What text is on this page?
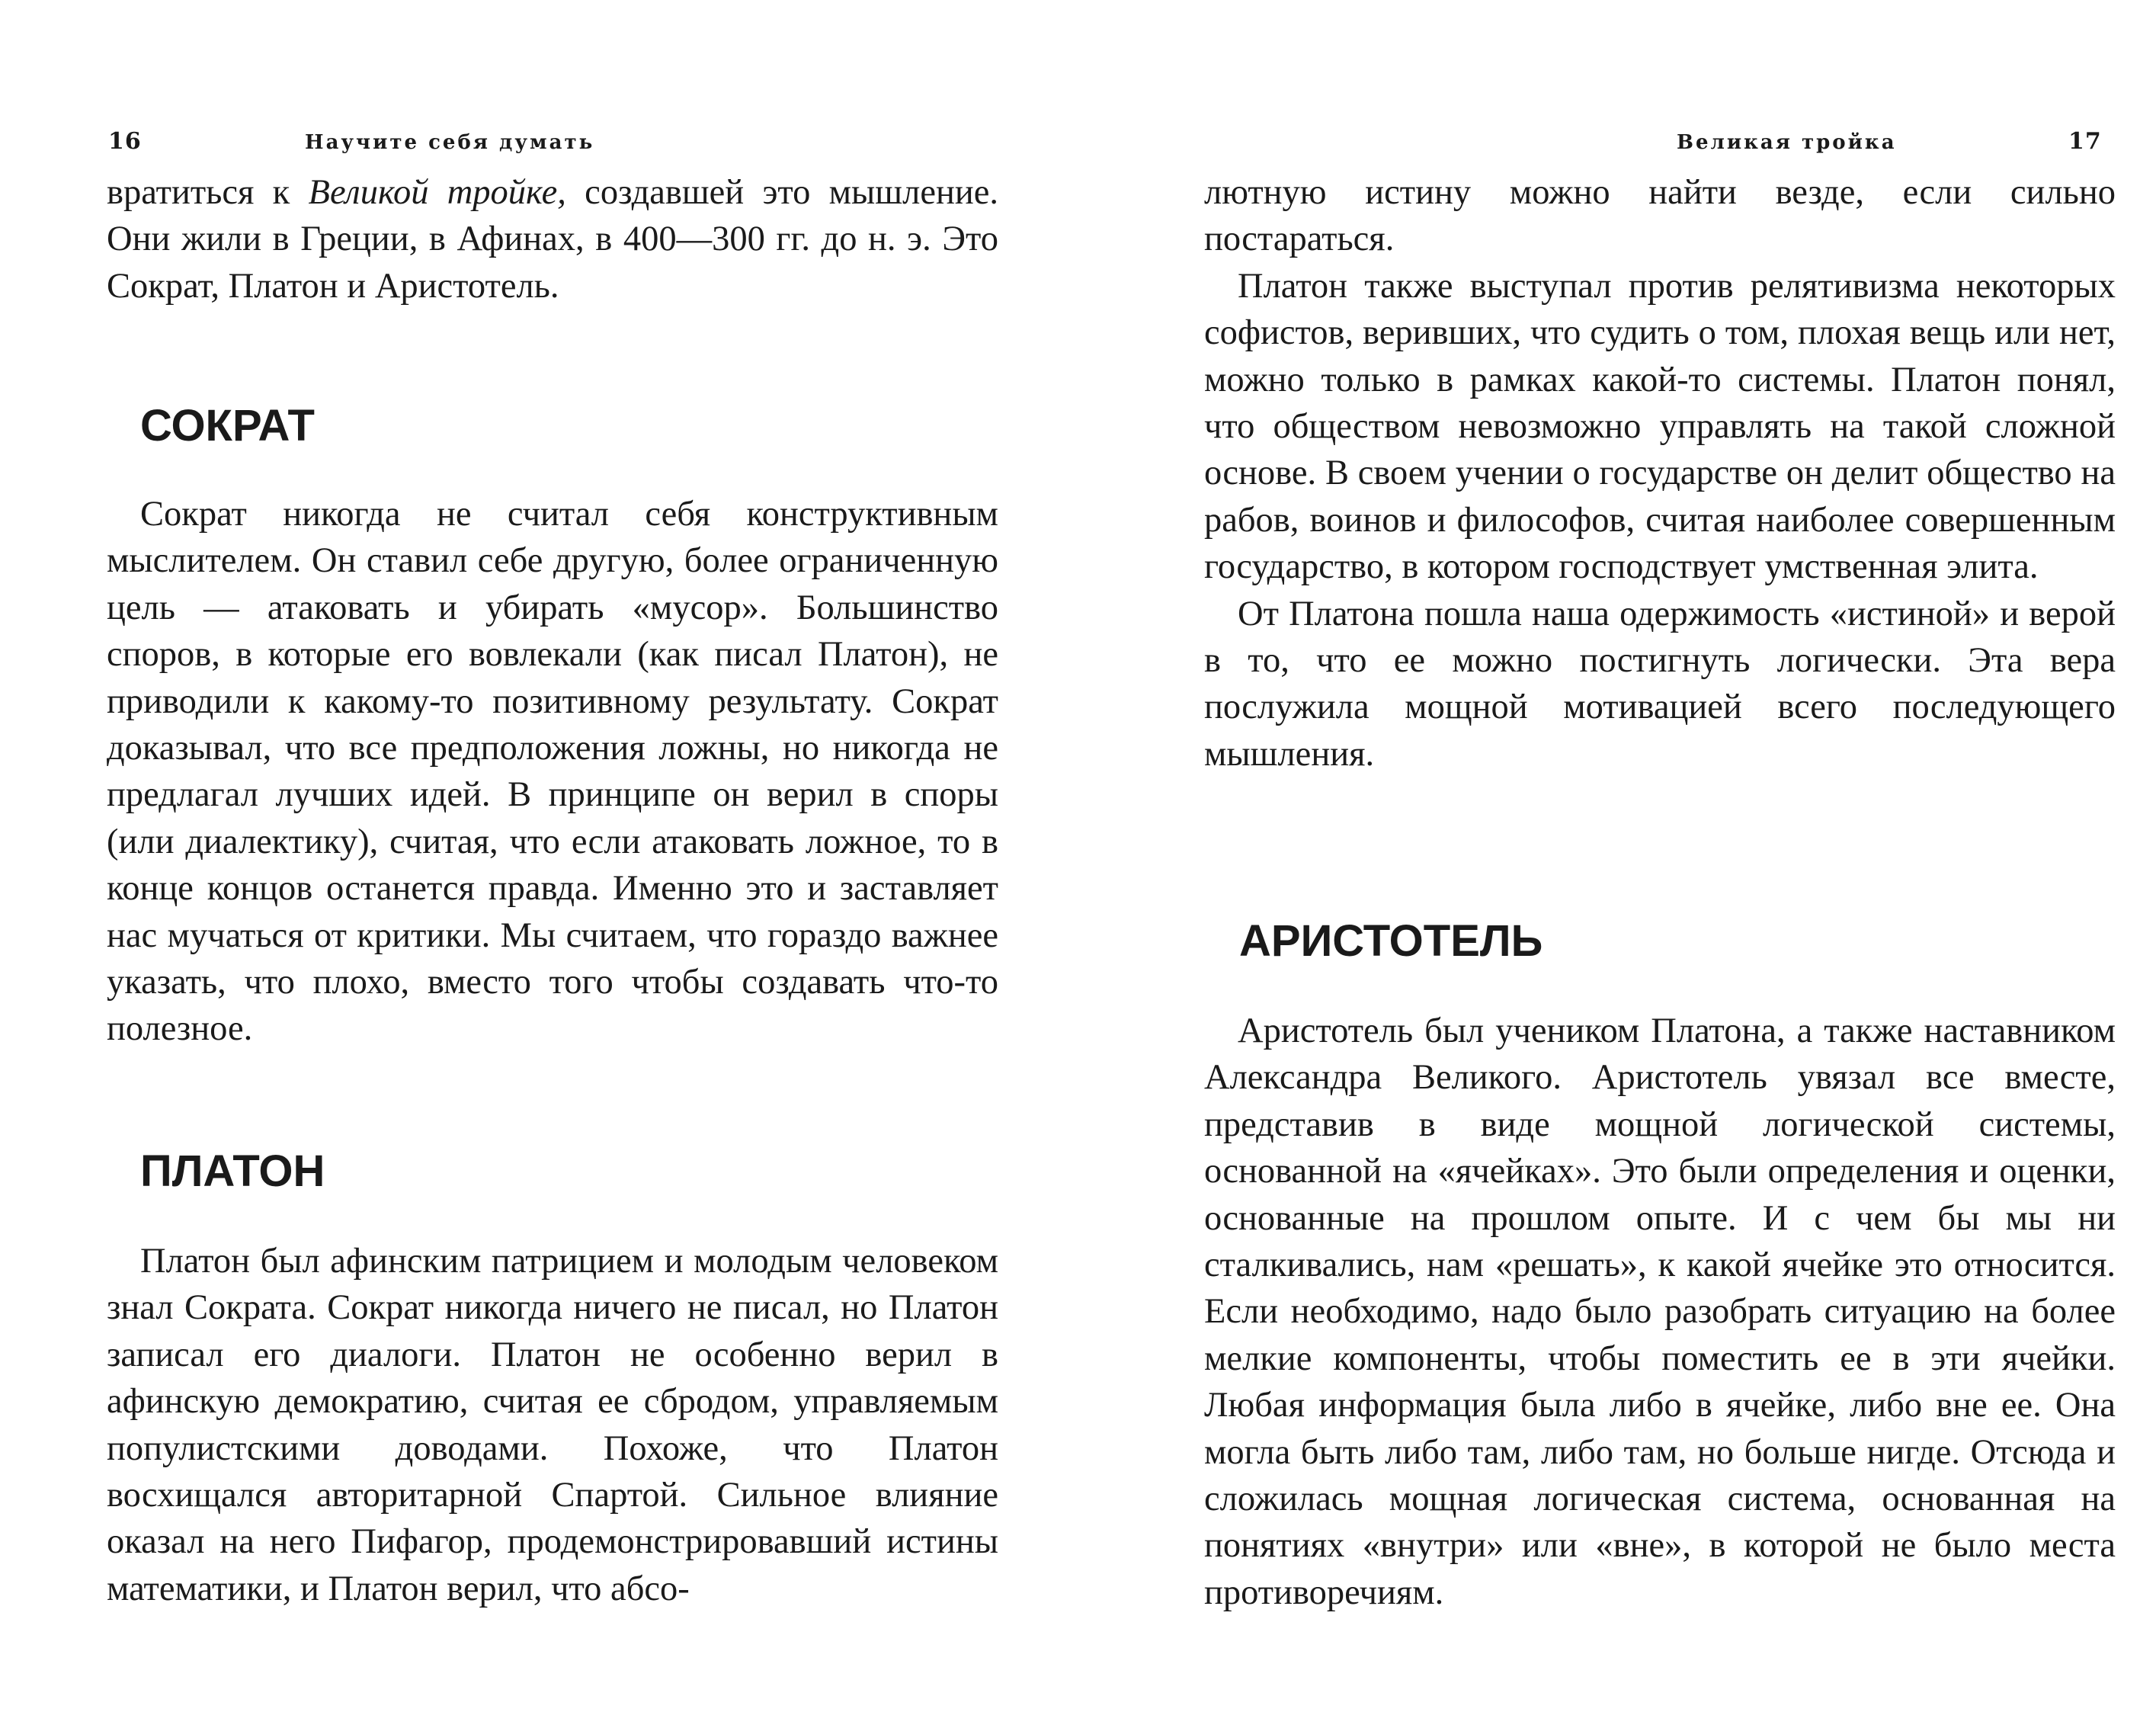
16	Научите себя думать

вратиться к Великой тройке, создавшей это мышление. Они жили в Греции, в Афинах, в 400—300 гг. до н. э. Это Сократ, Платон и Аристотель.

СОКРАТ

Сократ никогда не считал себя конструктивным мыслителем. Он ставил себе другую, более ограниченную цель — атаковать и убирать «мусор». Большинство споров, в которые его вовлекали (как писал Платон), не приводили к какому-то позитивному результату. Сократ доказывал, что все предположения ложны, но никогда не предлагал лучших идей. В принципе он верил в споры (или диалектику), считая, что если атаковать ложное, то в конце концов останется правда. Именно это и заставляет нас мучаться от критики. Мы считаем, что гораздо важнее указать, что плохо, вместо того чтобы создавать что-то полезное.

ПЛАТОН

Платон был афинским патрицием и молодым человеком знал Сократа. Сократ никогда ничего не писал, но Платон записал его диалоги. Платон не особенно верил в афинскую демократию, считая ее сбродом, управляемым популистскими доводами. Похоже, что Платон восхищался авторитарной Спартой. Сильное влияние оказал на него Пифагор, продемонстрировавший истины математики, и Платон верил, что абсо-

Великая тройка	17

лютную истину можно найти везде, если сильно постараться.

Платон также выступал против релятивизма некоторых софистов, веривших, что судить о том, плохая вещь или нет, можно только в рамках какой-то системы. Платон понял, что обществом невозможно управлять на такой сложной основе. В своем учении о государстве он делит общество на рабов, воинов и философов, считая наиболее совершенным государство, в котором господствует умственная элита.

От Платона пошла наша одержимость «истиной» и верой в то, что ее можно постигнуть логически. Эта вера послужила мощной мотивацией всего последующего мышления.

АРИСТОТЕЛЬ

Аристотель был учеником Платона, а также наставником Александра Великого. Аристотель увязал все вместе, представив в виде мощной логической системы, основанной на «ячейках». Это были определения и оценки, основанные на прошлом опыте. И с чем бы мы ни сталкивались, нам «решать», к какой ячейке это относится. Если необходимо, надо было разобрать ситуацию на более мелкие компоненты, чтобы поместить ее в эти ячейки. Любая информация была либо в ячейке, либо вне ее. Она могла быть либо там, либо там, но больше нигде. Отсюда и сложилась мощная логическая система, основанная на понятиях «внутри» или «вне», в которой не было места противоречиям.
